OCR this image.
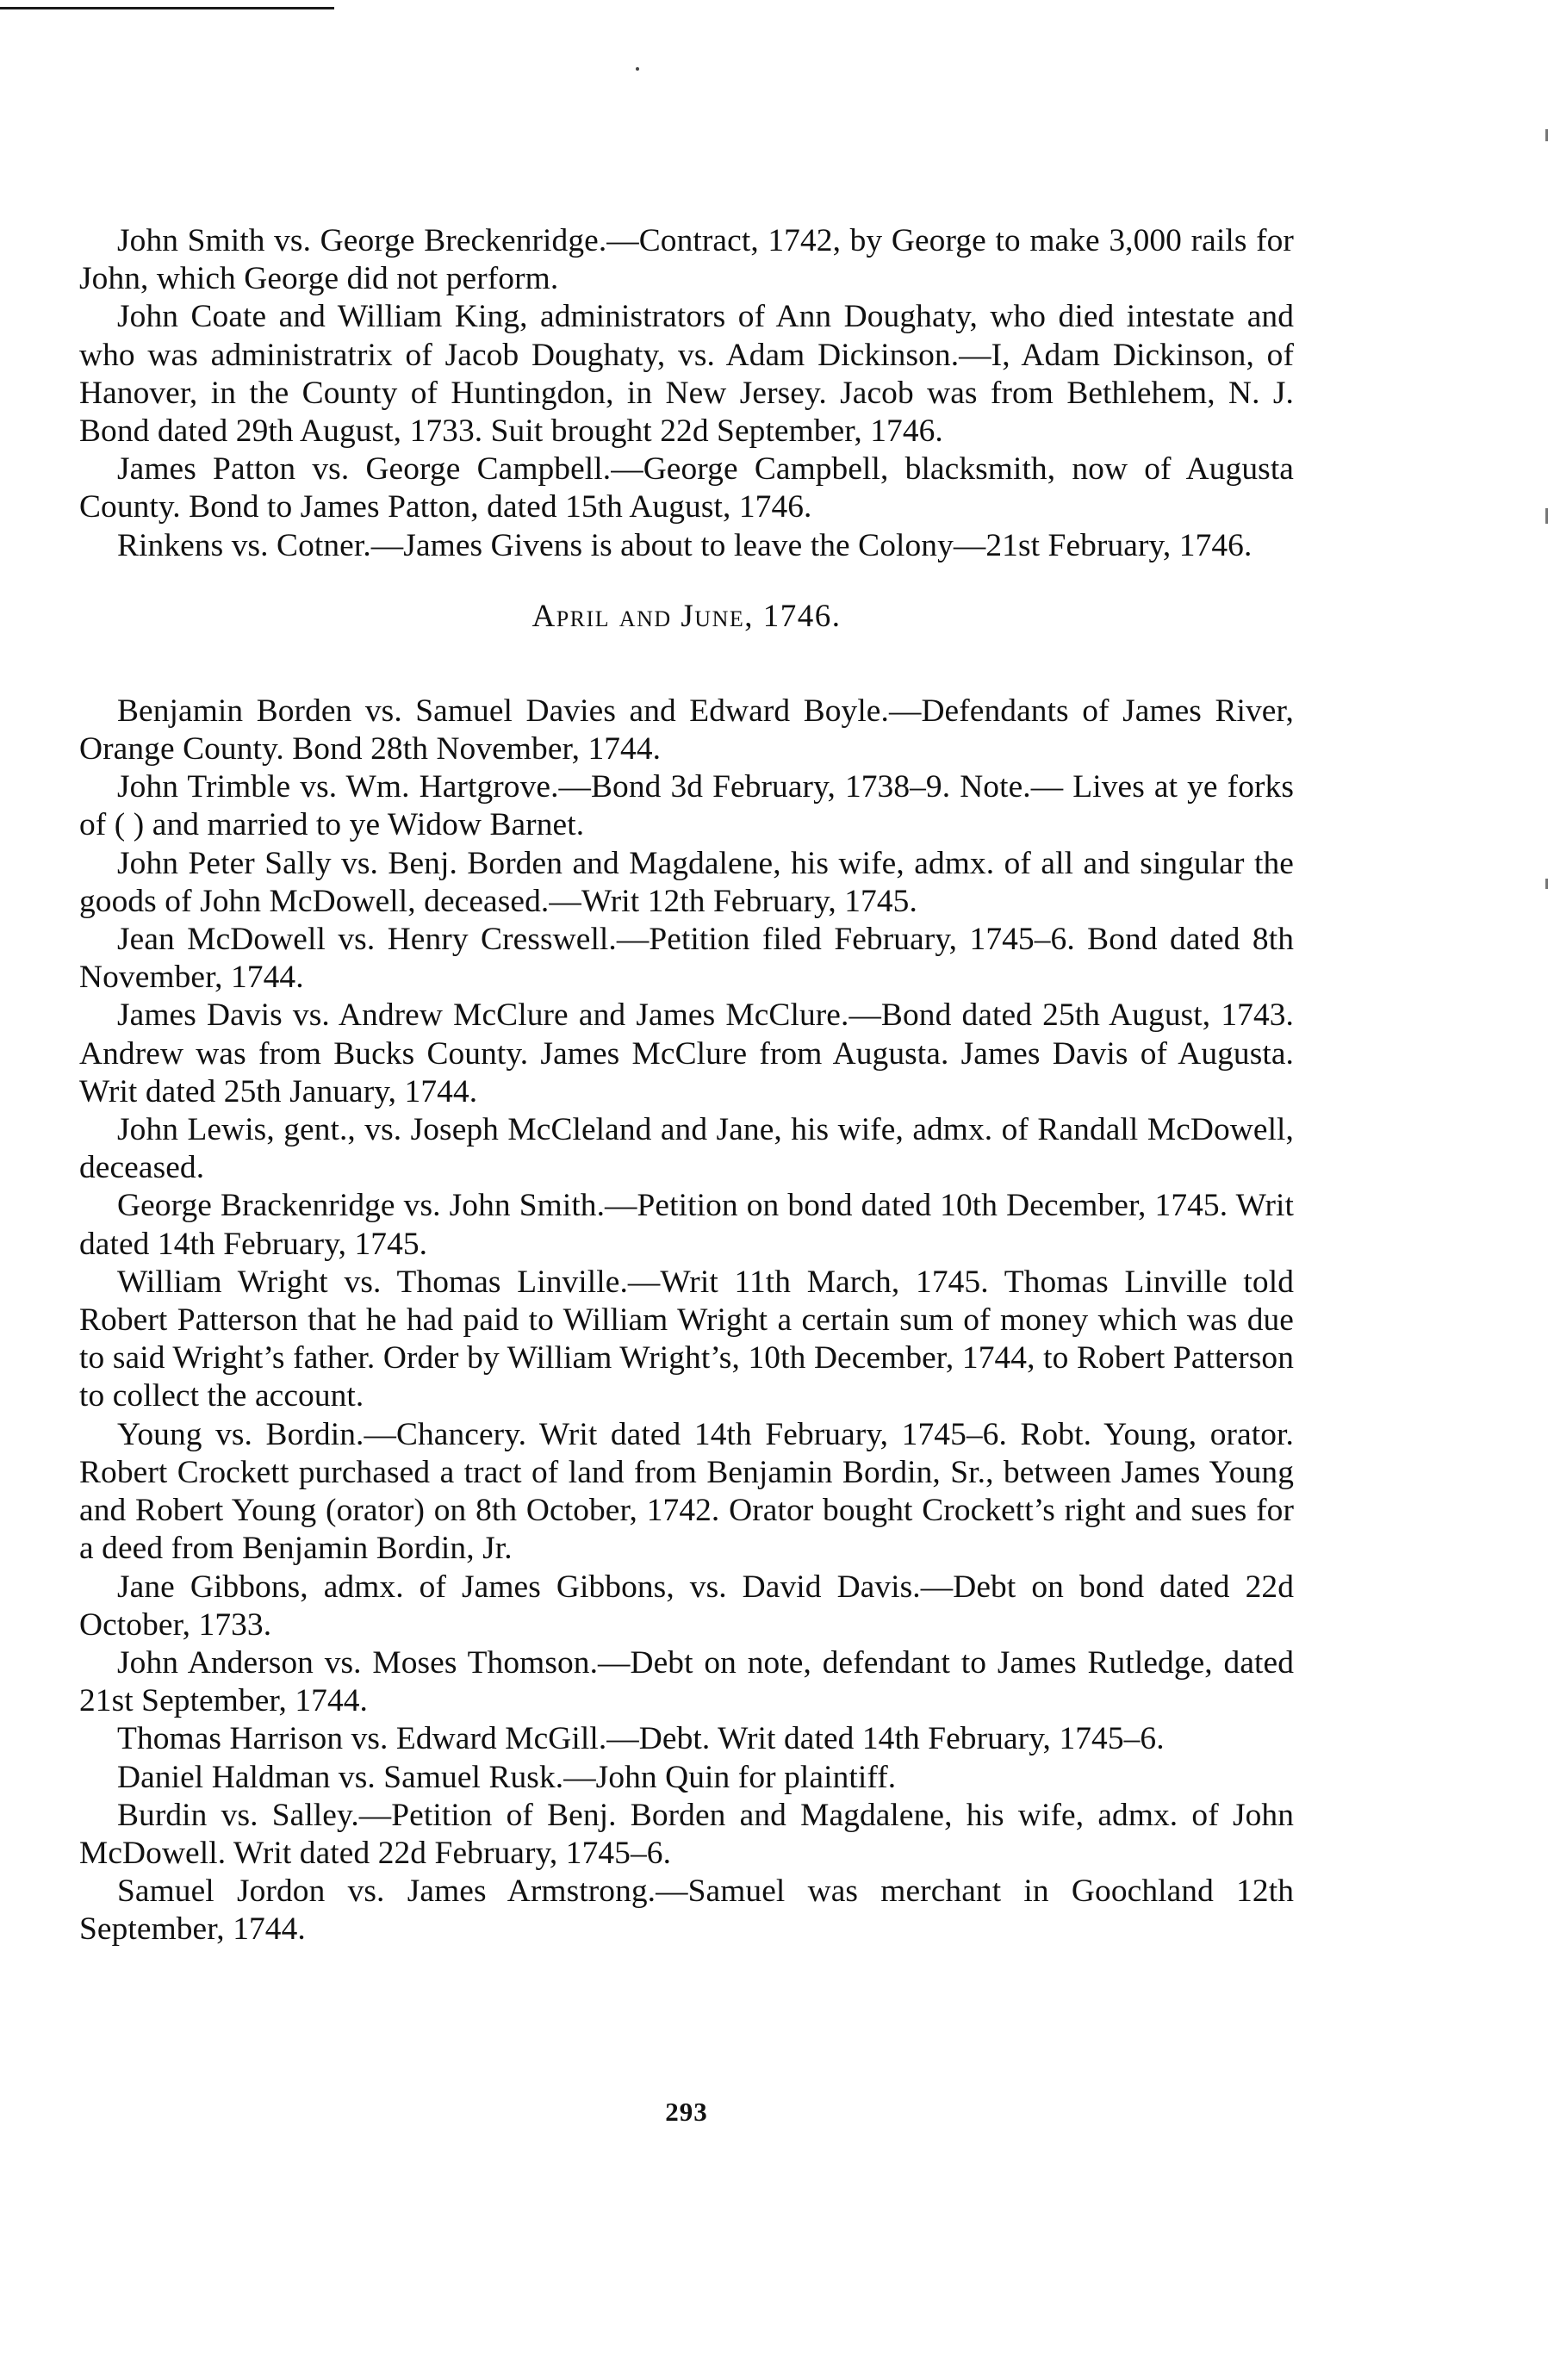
John Smith vs. George Breckenridge.—Contract, 1742, by George to make 3,000 rails for John, which George did not perform.

John Coate and William King, administrators of Ann Doughaty, who died intestate and who was administratrix of Jacob Doughaty, vs. Adam Dickinson.—I, Adam Dickinson, of Hanover, in the County of Huntingdon, in New Jersey. Jacob was from Bethlehem, N. J. Bond dated 29th August, 1733. Suit brought 22d September, 1746.

James Patton vs. George Campbell.—George Campbell, blacksmith, now of Augusta County. Bond to James Patton, dated 15th August, 1746.

Rinkens vs. Cotner.—James Givens is about to leave the Colony—21st February, 1746.

April and June, 1746.

Benjamin Borden vs. Samuel Davies and Edward Boyle.—Defendants of James River, Orange County. Bond 28th November, 1744.

John Trimble vs. Wm. Hartgrove.—Bond 3d February, 1738–9. Note.— Lives at ye forks of ( ) and married to ye Widow Barnet.

John Peter Sally vs. Benj. Borden and Magdalene, his wife, admx. of all and singular the goods of John McDowell, deceased.—Writ 12th February, 1745.

Jean McDowell vs. Henry Cresswell.—Petition filed February, 1745–6. Bond dated 8th November, 1744.

James Davis vs. Andrew McClure and James McClure.—Bond dated 25th August, 1743. Andrew was from Bucks County. James McClure from Augusta. James Davis of Augusta. Writ dated 25th January, 1744.

John Lewis, gent., vs. Joseph McCleland and Jane, his wife, admx. of Randall McDowell, deceased.

George Brackenridge vs. John Smith.—Petition on bond dated 10th December, 1745. Writ dated 14th February, 1745.

William Wright vs. Thomas Linville.—Writ 11th March, 1745. Thomas Linville told Robert Patterson that he had paid to William Wright a certain sum of money which was due to said Wright’s father. Order by William Wright’s, 10th December, 1744, to Robert Patterson to collect the account.

Young vs. Bordin.—Chancery. Writ dated 14th February, 1745–6. Robt. Young, orator. Robert Crockett purchased a tract of land from Benjamin Bordin, Sr., between James Young and Robert Young (orator) on 8th October, 1742. Orator bought Crockett’s right and sues for a deed from Benjamin Bordin, Jr.

Jane Gibbons, admx. of James Gibbons, vs. David Davis.—Debt on bond dated 22d October, 1733.

John Anderson vs. Moses Thomson.—Debt on note, defendant to James Rutledge, dated 21st September, 1744.

Thomas Harrison vs. Edward McGill.—Debt. Writ dated 14th February, 1745–6.

Daniel Haldman vs. Samuel Rusk.—John Quin for plaintiff.

Burdin vs. Salley.—Petition of Benj. Borden and Magdalene, his wife, admx. of John McDowell. Writ dated 22d February, 1745–6.

Samuel Jordon vs. James Armstrong.—Samuel was merchant in Goochland 12th September, 1744.

293
